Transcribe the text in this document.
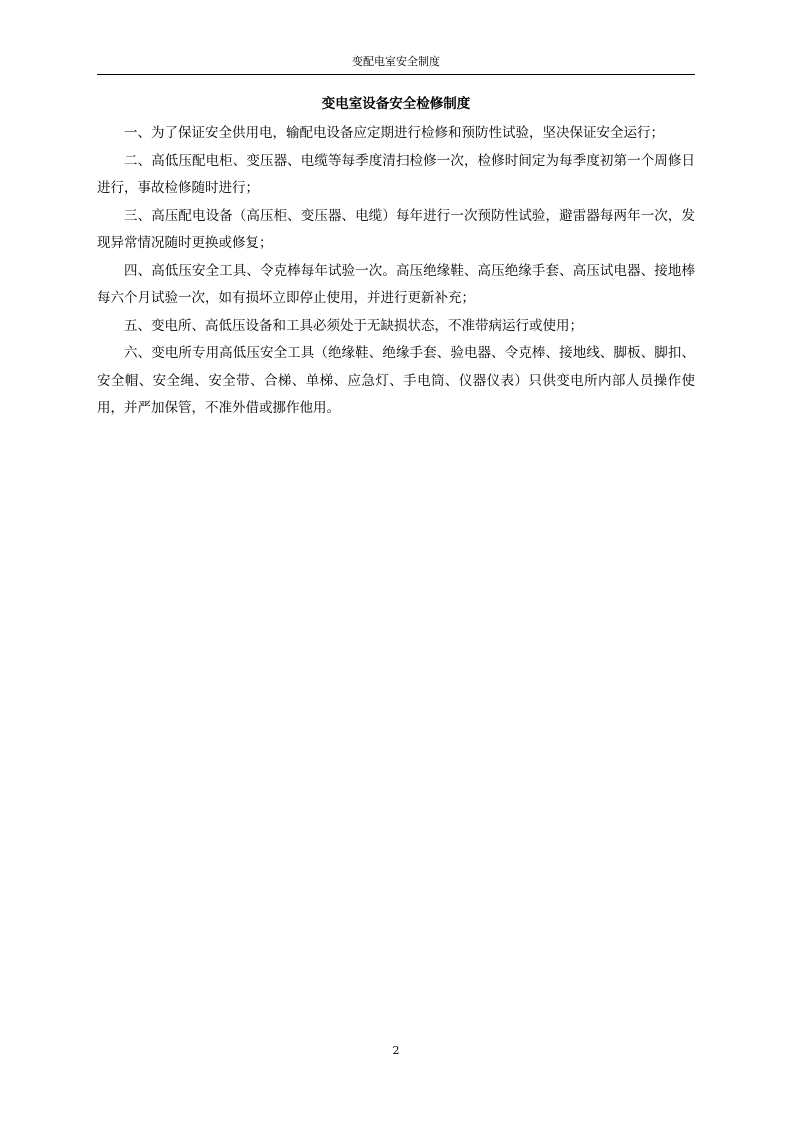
变配电室安全制度
变电室设备安全检修制度

一、为了保证安全供用电，输配电设备应定期进行检修和预防性试验，坚决保证安全运行；

二、高低压配电柜、变压器、电缆等每季度清扫检修一次，检修时间定为每季度初第一个周修日进行，事故检修随时进行；

三、高压配电设备（高压柜、变压器、电缆）每年进行一次预防性试验，避雷器每两年一次，发现异常情况随时更换或修复；

四、高低压安全工具、令克棒每年试验一次。高压绝缘鞋、高压绝缘手套、高压试电器、接地棒每六个月试验一次，如有损坏立即停止使用，并进行更新补充；

五、变电所、高低压设备和工具必须处于无缺损状态，不准带病运行或使用；

六、变电所专用高低压安全工具（绝缘鞋、绝缘手套、验电器、令克棒、接地线、脚板、脚扣、安全帽、安全绳、安全带、合梯、单梯、应急灯、手电筒、仪器仪表）只供变电所内部人员操作使用，并严加保管，不准外借或挪作他用。

2
